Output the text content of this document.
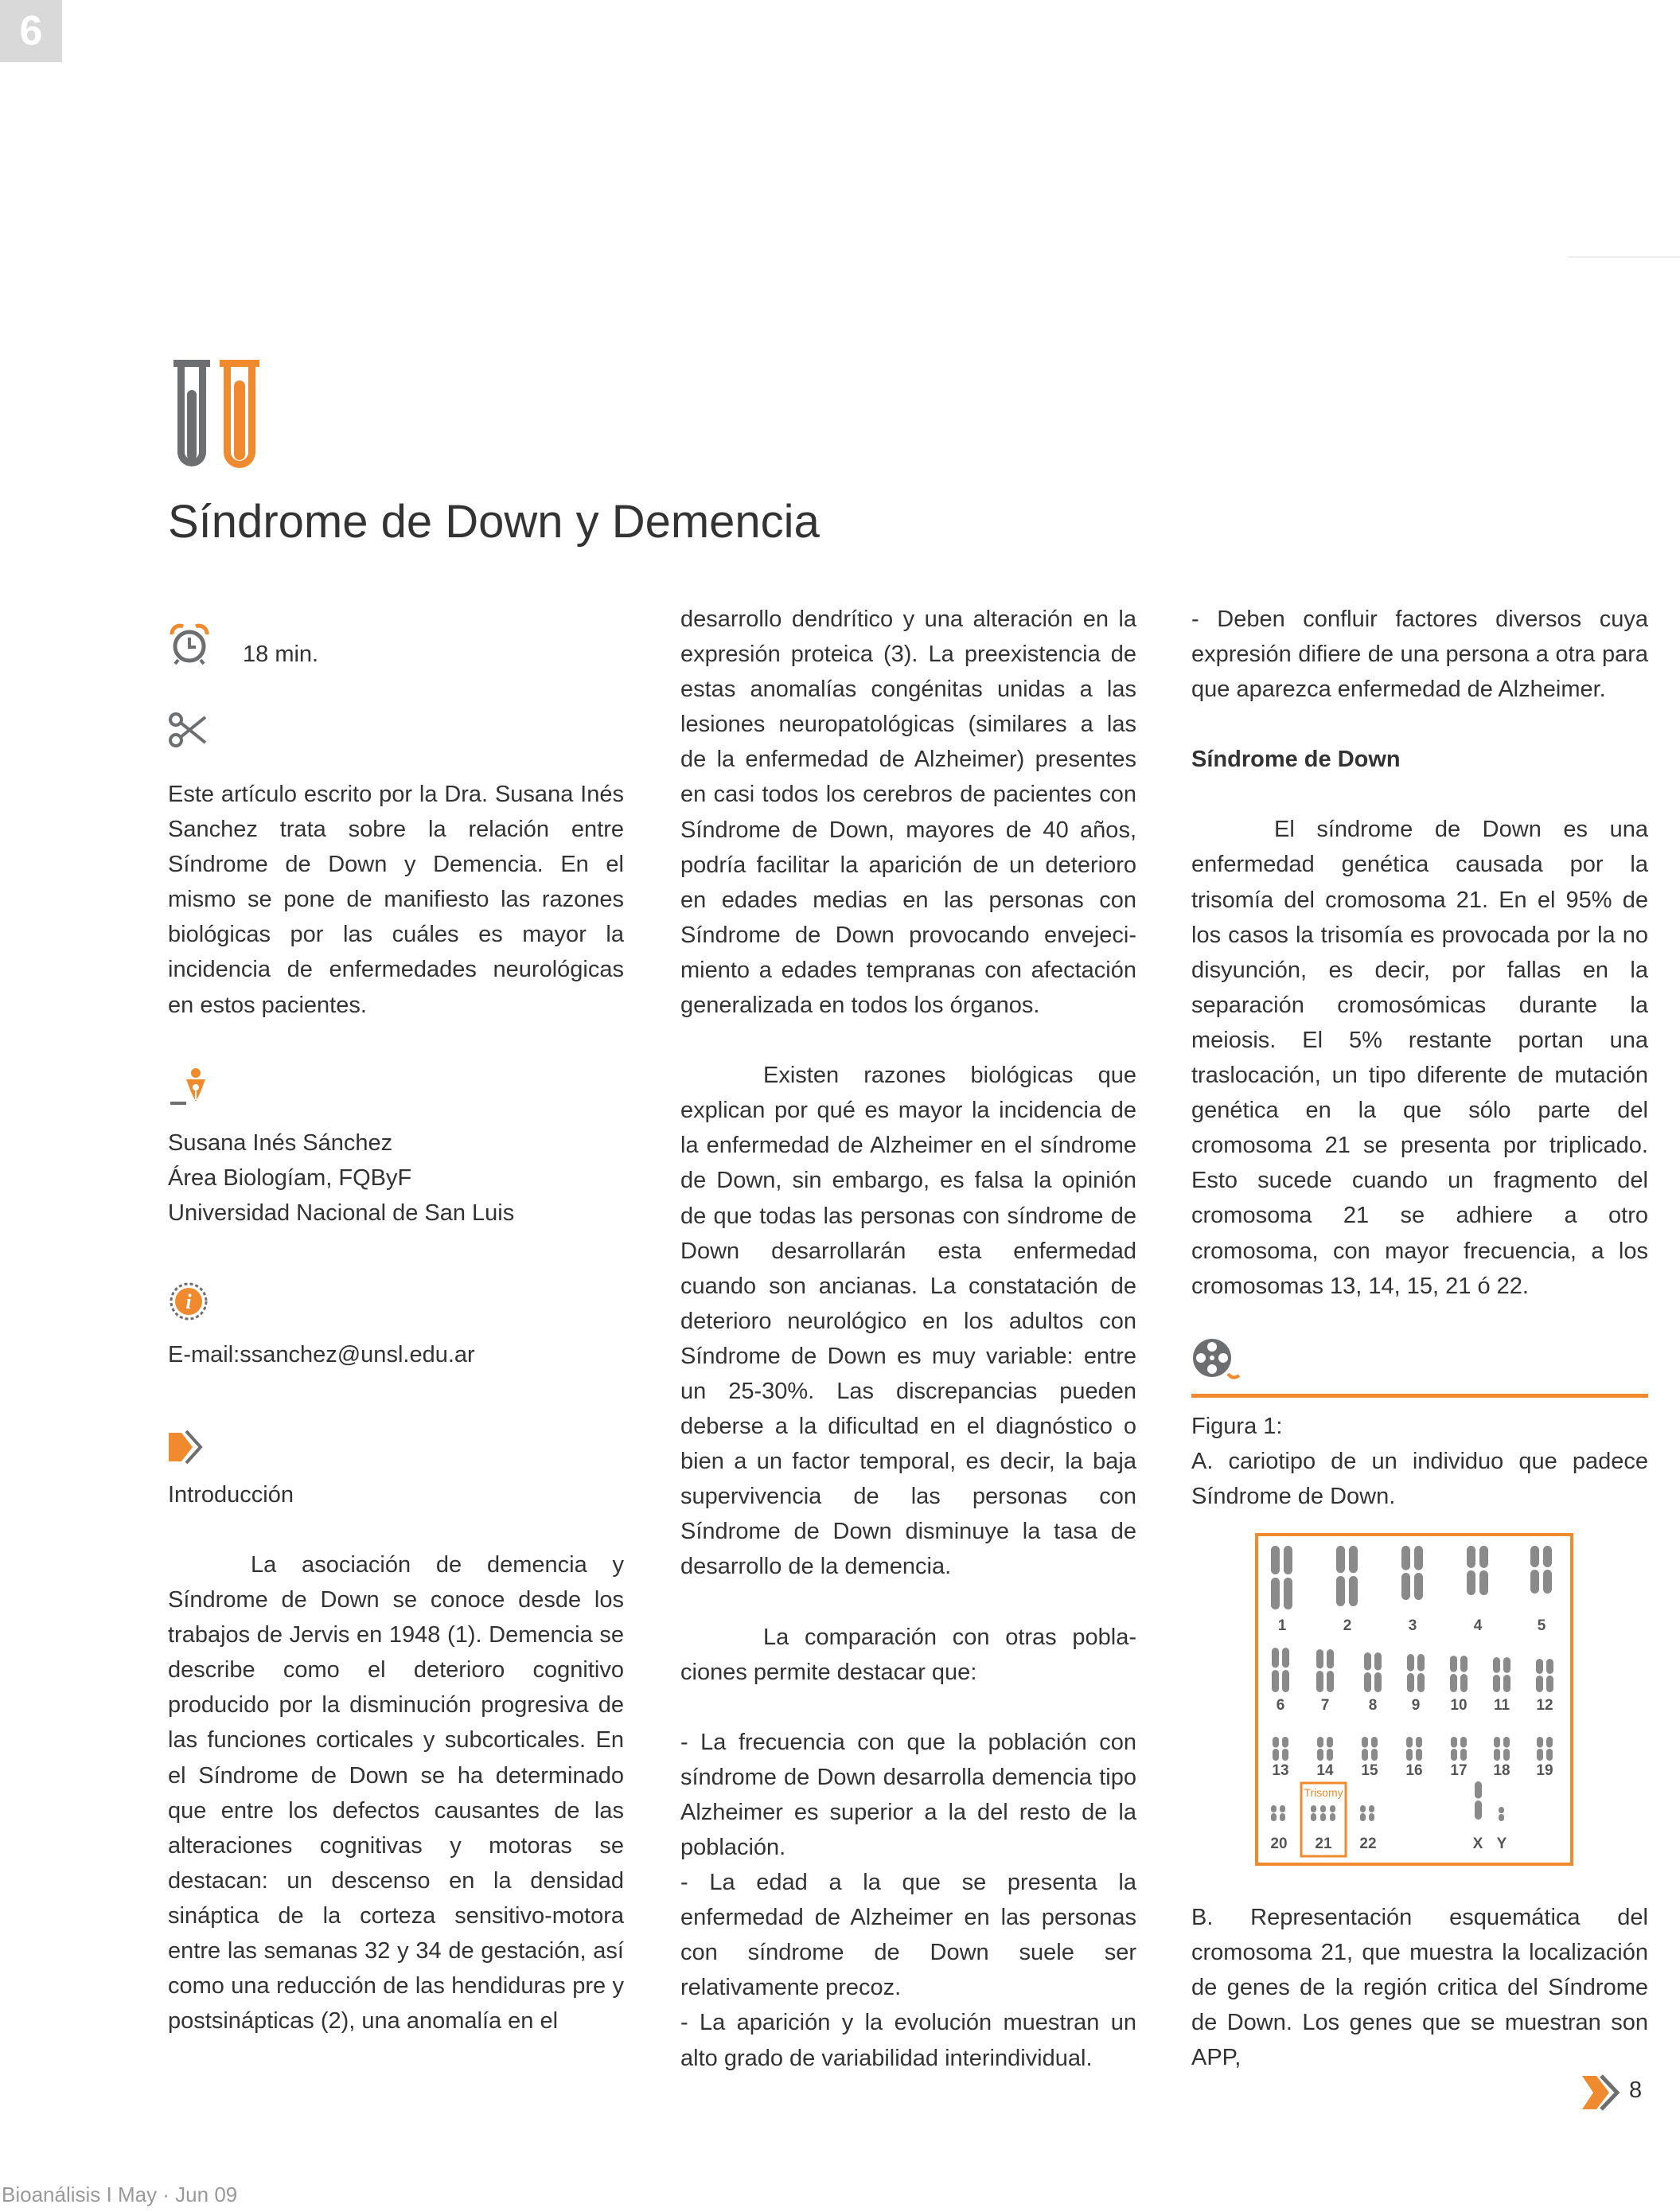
6
Síndrome de Down y Demencia
18 min.

Este artículo escrito por la Dra. Susana Inés Sanchez trata sobre la relación entre Síndrome de Down y Demencia. En el mismo se pone de manifiesto las razones biológicas por las cuáles es mayor la incidencia de enfermedades neurológicas en estos pacientes.

Susana Inés Sánchez
Área Biologíam, FQByF
Universidad Nacional de San Luis
i
E-mail:ssanchez@unsl.edu.ar
Introducción

La asociación de demencia y Síndrome de Down se conoce desde los trabajos de Jervis en 1948 (1). Demencia se describe como el deterioro cognitivo producido por la disminución progresiva de las funciones corticales y subcorticales. En el Síndrome de Down se ha determinado que entre los defectos causantes de las alteraciones cognitivas y motoras se destacan: un descenso en la densidad sináptica de la corteza sensitivo-motora entre las semanas 32 y 34 de gestación, así como una reducción de las hendiduras pre y postsinápticas (2), una anomalía en el

desarrollo dendrítico y una alteración en la expresión proteica (3). La preexistencia de estas anomalías congénitas unidas a las lesiones neuropatológicas (similares a las de la enfermedad de Alzheimer) presentes en casi todos los cerebros de pacientes con Síndrome de Down, mayores de 40 años, podría facilitar la aparición de un deterioro en edades medias en las personas con Síndrome de Down provocando envejeci-miento a edades tempranas con afectación generalizada en todos los órganos.

Existen razones biológicas que explican por qué es mayor la incidencia de la enfermedad de Alzheimer en el síndrome de Down, sin embargo, es falsa la opinión de que todas las personas con síndrome de Down desarrollarán esta enfermedad cuando son ancianas. La constatación de deterioro neurológico en los adultos con Síndrome de Down es muy variable: entre un 25-30%. Las discrepancias pueden deberse a la dificultad en el diagnóstico o bien a un factor temporal, es decir, la baja supervivencia de las personas con Síndrome de Down disminuye la tasa de desarrollo de la demencia.

La comparación con otras pobla-ciones permite destacar que:

- La frecuencia con que la población con síndrome de Down desarrolla demencia tipo Alzheimer es superior a la del resto de la población.

- La edad a la que se presenta la enfermedad de Alzheimer en las personas con síndrome de Down suele ser relativamente precoz.

- La aparición y la evolución muestran un alto grado de variabilidad interindividual.

- Deben confluir factores diversos cuya expresión difiere de una persona a otra para que aparezca enfermedad de Alzheimer.

Síndrome de Down

El síndrome de Down es una enfermedad genética causada por la trisomía del cromosoma 21. En el 95% de los casos la trisomía es provocada por la no disyunción, es decir, por fallas en la separación cromosómicas durante la meiosis. El 5% restante portan una traslocación, un tipo diferente de mutación genética en la que sólo parte del cromosoma 21 se presenta por triplicado. Esto sucede cuando un fragmento del cromosoma 21 se adhiere a otro cromosoma, con mayor frecuencia, a los cromosomas 13, 14, 15, 21 ó 22.

Figura 1:

A. cariotipo de un individuo que padece Síndrome de Down.

1	2	3	4	5
6 7	8 9 10 11 12
13 14 15 16 17 18 19
20 21 22	X Y
Trisomy

B. Representación esquemática del cromosoma 21, que muestra la localización de genes de la región critica del Síndrome de Down. Los genes que se muestran son APP,

8
Bioanálisis I May · Jun 09
